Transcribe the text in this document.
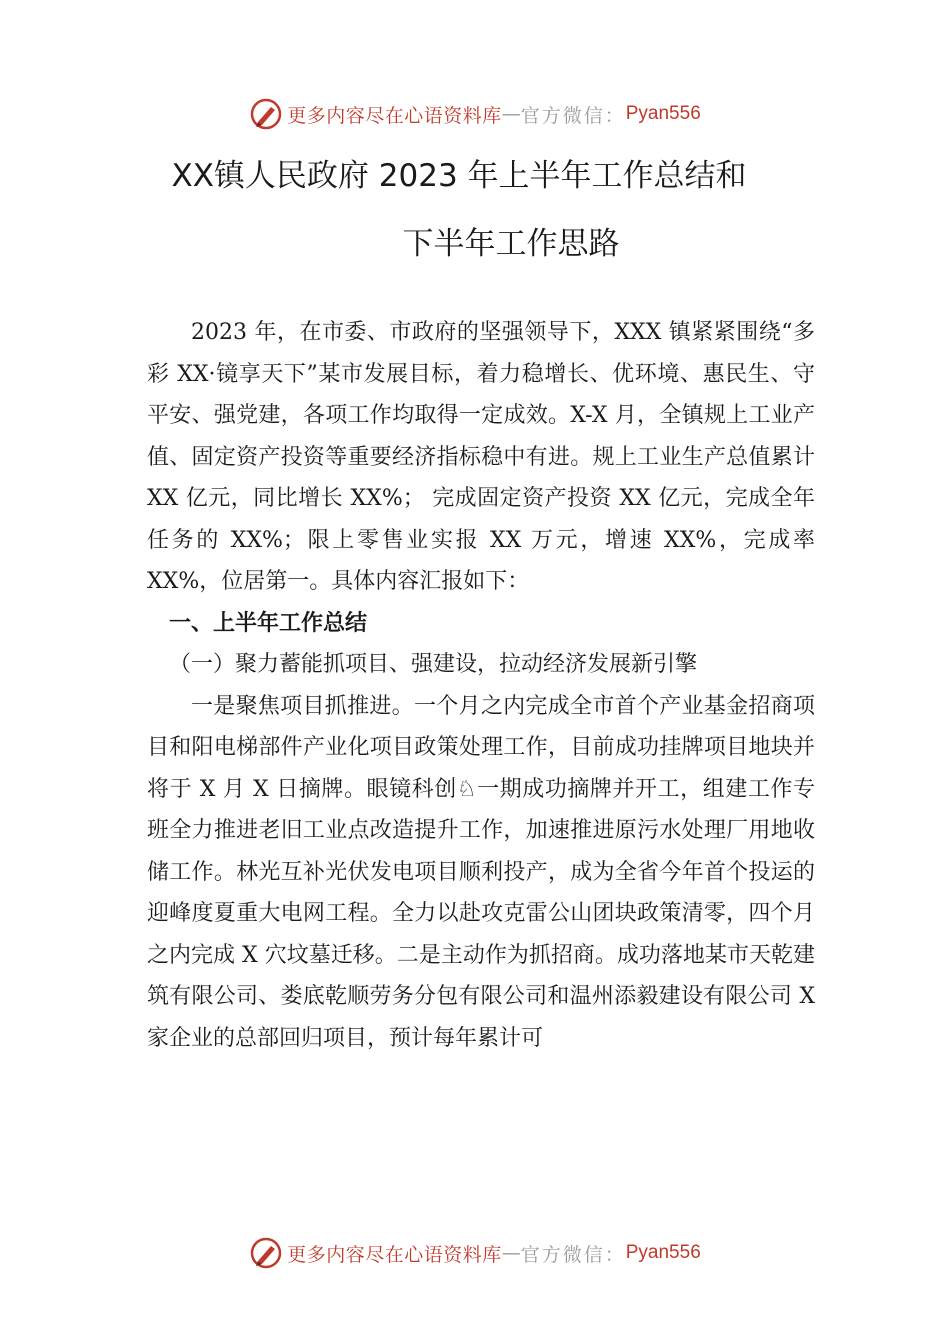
更多内容尽在心语资料库 — 官方微信： Pyan556
XX镇人民政府 2023 年上半年工作总结和
下半年工作思路

2023 年，在市委、市政府的坚强领导下，XXX 镇紧紧围绕“多彩 XX·镜享天下”某市发展目标，着力稳增长、优环境、惠民生、守平安、强党建，各项工作均取得一定成效。X-X 月，全镇规上工业产值、固定资产投资等重要经济指标稳中有进。规上工业生产总值累计 XX 亿元，同比增长 XX%； 完成固定资产投资 XX 亿元，完成全年任务的 XX%；限上零售业实报 XX 万元，增速 XX%，完成率 XX%，位居第一。具体内容汇报如下：

一、上半年工作总结

（一）聚力蓄能抓项目、强建设，拉动经济发展新引擎

一是聚焦项目抓推进。一个月之内完成全市首个产业基金招商项目和阳电梯部件产业化项目政策处理工作，目前成功挂牌项目地块并将于 X 月 X 日摘牌。眼镜科创♘一期成功摘牌并开工，组建工作专班全力推进老旧工业点改造提升工作，加速推进原污水处理厂用地收储工作。林光互补光伏发电项目顺利投产，成为全省今年首个投运的迎峰度夏重大电网工程。全力以赴攻克雷公山团块政策清零，四个月之内完成 X 穴坟墓迁移。二是主动作为抓招商。成功落地某市天乾建筑有限公司、娄底乾顺劳务分包有限公司和温州添毅建设有限公司 X 家企业的总部回归项目，预计每年累计可

更多内容尽在心语资料库 — 官方微信： Pyan556
